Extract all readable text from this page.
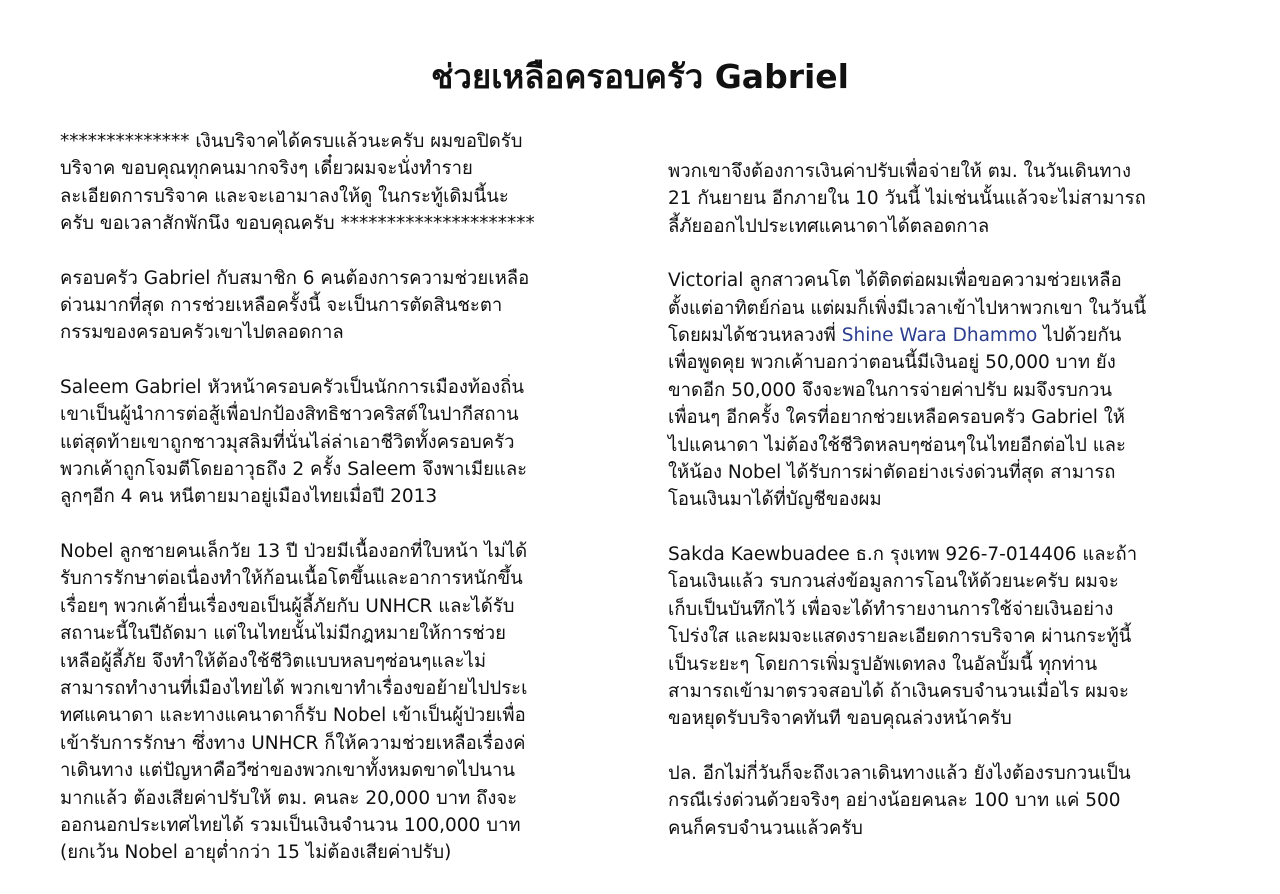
ช่วยเหลือครอบครัว Gabriel

************** เงินบริจาคได้ครบแล้วนะครับ ผมขอปิดรับ
บริจาค ขอบคุณทุกคนมากจริงๆ เดี๋ยวผมจะนั่งทำราย
ละเอียดการบริจาค และจะเอามาลงให้ดู ในกระทู้เดิมนี้นะ
ครับ ขอเวลาสักพักนึง ขอบคุณครับ *********************

ครอบครัว Gabriel กับสมาชิก 6 คนต้องการความช่วยเหลือ
ด่วนมากที่สุด การช่วยเหลือครั้งนี้ จะเป็นการตัดสินชะตา
กรรมของครอบครัวเขาไปตลอดกาล

Saleem Gabriel หัวหน้าครอบครัวเป็นนักการเมืองท้องถิ่น
เขาเป็นผู้นำการต่อสู้เพื่อปกป้องสิทธิชาวคริสต์ในปากีสถาน
แต่สุดท้ายเขาถูกชาวมุสลิมที่นั่นไล่ล่าเอาชีวิตทั้งครอบครัว
พวกเค้าถูกโจมตีโดยอาวุธถึง 2 ครั้ง Saleem จึงพาเมียและ
ลูกๆอีก 4 คน หนีตายมาอยู่เมืองไทยเมื่อปี 2013

Nobel ลูกชายคนเล็กวัย 13 ปี ป่วยมีเนื้องอกที่ใบหน้า ไม่ได้
รับการรักษาต่อเนื่องทำให้ก้อนเนื้อโตขึ้นและอาการหนักขึ้น
เรื่อยๆ พวกเค้ายื่นเรื่องขอเป็นผู้ลี้ภัยกับ UNHCR และได้รับ
สถานะนี้ในปีถัดมา แต่ในไทยนั้นไม่มีกฎหมายให้การช่วย
เหลือผู้ลี้ภัย จึงทำให้ต้องใช้ชีวิตแบบหลบๆซ่อนๆและไม่
สามารถทำงานที่เมืองไทยได้ พวกเขาทำเรื่องขอย้ายไปประเ
ทศแคนาดา และทางแคนาดาก็รับ Nobel เข้าเป็นผู้ป่วยเพื่อ
เข้ารับการรักษา ซึ่งทาง UNHCR ก็ให้ความช่วยเหลือเรื่องค่
าเดินทาง แต่ปัญหาคือวีซ่าของพวกเขาทั้งหมดขาดไปนาน
มากแล้ว ต้องเสียค่าปรับให้ ตม. คนละ 20,000 บาท ถึงจะ
ออกนอกประเทศไทยได้ รวมเป็นเงินจำนวน 100,000 บาท
(ยกเว้น Nobel อายุต่ำกว่า 15 ไม่ต้องเสียค่าปรับ)

พวกเขาจึงต้องการเงินค่าปรับเพื่อจ่ายให้ ตม. ในวันเดินทาง
21 กันยายน อีกภายใน 10 วันนี้ ไม่เช่นนั้นแล้วจะไม่สามารถ
ลี้ภัยออกไปประเทศแคนาดาได้ตลอดกาล

Victorial ลูกสาวคนโต ได้ติดต่อผมเพื่อขอความช่วยเหลือ
ตั้งแต่อาทิตย์ก่อน แต่ผมก็เพิ่งมีเวลาเข้าไปหาพวกเขา ในวันนี้
โดยผมได้ชวนหลวงพี่ Shine Wara Dhammo ไปด้วยกัน
เพื่อพูดคุย พวกเค้าบอกว่าตอนนี้มีเงินอยู่ 50,000 บาท ยัง
ขาดอีก 50,000 จึงจะพอในการจ่ายค่าปรับ ผมจึงรบกวน
เพื่อนๆ อีกครั้ง ใครที่อยากช่วยเหลือครอบครัว Gabriel ให้
ไปแคนาดา ไม่ต้องใช้ชีวิตหลบๆซ่อนๆในไทยอีกต่อไป และ
ให้น้อง Nobel ได้รับการผ่าตัดอย่างเร่งด่วนที่สุด สามารถ
โอนเงินมาได้ที่บัญชีของผม

Sakda Kaewbuadee ธ.ก รุงเทพ 926-7-014406 และถ้า
โอนเงินแล้ว รบกวนส่งข้อมูลการโอนให้ด้วยนะครับ ผมจะ
เก็บเป็นบันทึกไว้ เพื่อจะได้ทำรายงานการใช้จ่ายเงินอย่าง
โปร่งใส และผมจะแสดงรายละเอียดการบริจาค ผ่านกระทู้นี้
เป็นระยะๆ โดยการเพิ่มรูปอัพเดทลง ในอัลบั้มนี้ ทุกท่าน
สามารถเข้ามาตรวจสอบได้ ถ้าเงินครบจำนวนเมื่อไร ผมจะ
ขอหยุดรับบริจาคทันที ขอบคุณล่วงหน้าครับ

ปล. อีกไม่กี่วันก็จะถึงเวลาเดินทางแล้ว ยังไงต้องรบกวนเป็น
กรณีเร่งด่วนด้วยจริงๆ อย่างน้อยคนละ 100 บาท แค่ 500
คนก็ครบจำนวนแล้วครับ
